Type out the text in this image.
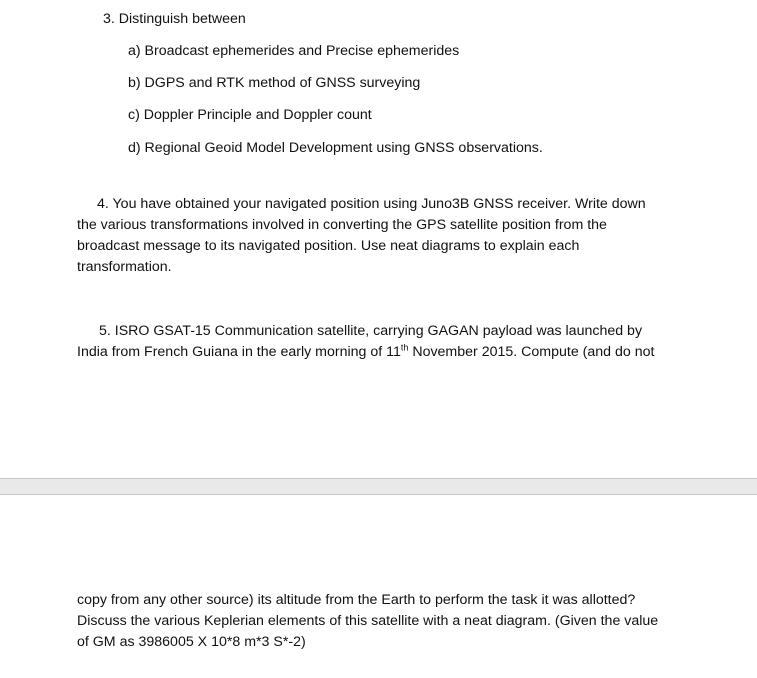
3. Distinguish between
a) Broadcast ephemerides and Precise ephemerides
b) DGPS and RTK method of GNSS surveying
c) Doppler Principle and Doppler count
d) Regional Geoid Model Development using GNSS observations.
4. You have obtained your navigated position using Juno3B GNSS receiver. Write down
the various transformations involved in converting the GPS satellite position from the
broadcast message to its navigated position. Use neat diagrams to explain each
transformation.
5. ISRO GSAT-15 Communication satellite, carrying GAGAN payload was launched by
India from French Guiana in the early morning of 11th November 2015. Compute (and do not
copy from any other source) its altitude from the Earth to perform the task it was allotted?
Discuss the various Keplerian elements of this satellite with a neat diagram. (Given the value
of GM as 3986005 X 10*8 m*3 S*-2)
